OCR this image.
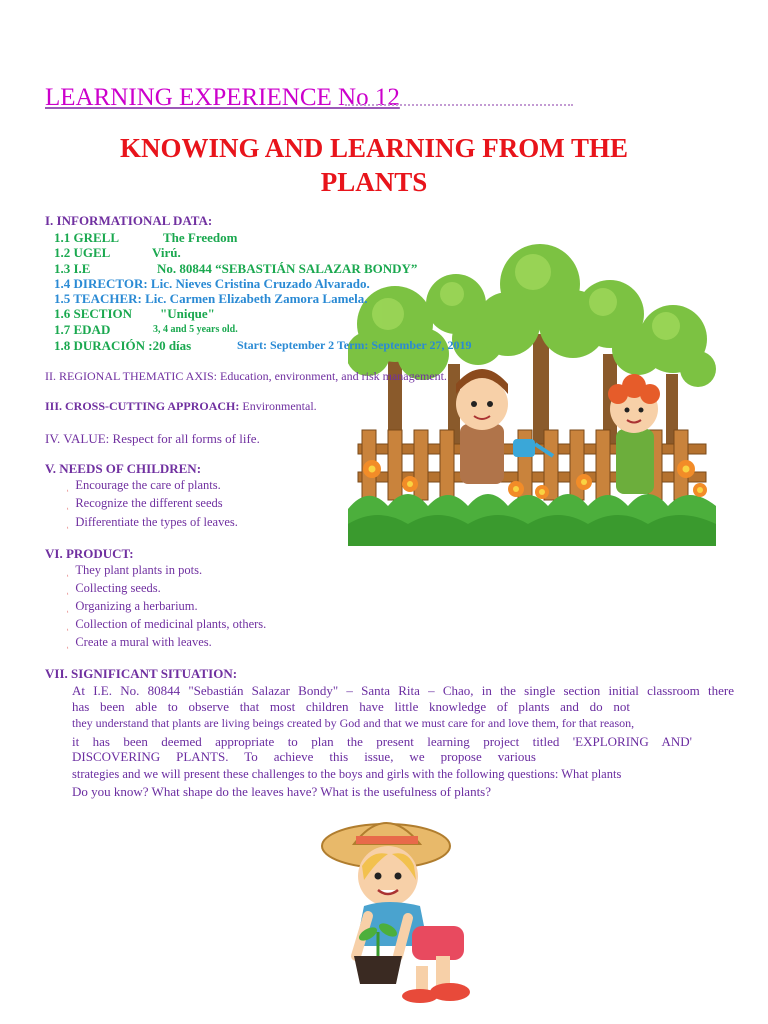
LEARNING EXPERIENCE No 12
KNOWING AND LEARNING FROM THE
PLANTS
I. INFORMATIONAL DATA:
1.1 GRELL	The Freedom
1.2 UGEL	Virú.
1.3 I.E	No. 80844 “SEBASTIÁN SALAZAR BONDY”
1.4 DIRECTOR: Lic. Nieves Cristina Cruzado Alvarado.
1.5 TEACHER: Lic. Carmen Elizabeth Zamora Lamela.
1.6 SECTION "Unique"
1.7 EDAD	3, 4 and 5 years old.
1.8 DURACIÓN :20 días	Start: September 2 Term: September 27, 2019
II. REGIONAL THEMATIC AXIS: Education, environment, and risk management.
III. CROSS-CUTTING APPROACH: Environmental.
IV. VALUE: Respect for all forms of life.
V. NEEDS OF CHILDREN:
ͺ Encourage the care of plants.
ͺ Recognize the different seeds
ͺ Differentiate the types of leaves.
VI. PRODUCT:
ͺ They plant plants in pots.
ͺ Collecting seeds.
ͺ Organizing a herbarium.
ͺ Collection of medicinal plants, others.
ͺ Create a mural with leaves.
VII. SIGNIFICANT SITUATION:
At I.E. No. 80844 "Sebastián Salazar Bondy" – Santa Rita – Chao, in the single section initial classroom there
has been able to observe that most children have little knowledge of plants and do not
they understand that plants are living beings created by God and that we must care for and love them, for that reason,
it has been deemed appropriate to plan the present learning project titled 'EXPLORING AND'
DISCOVERING PLANTS. To achieve this issue, we propose various
strategies and we will present these challenges to the boys and girls with the following questions: What plants
Do you know? What shape do the leaves have? What is the usefulness of plants?
